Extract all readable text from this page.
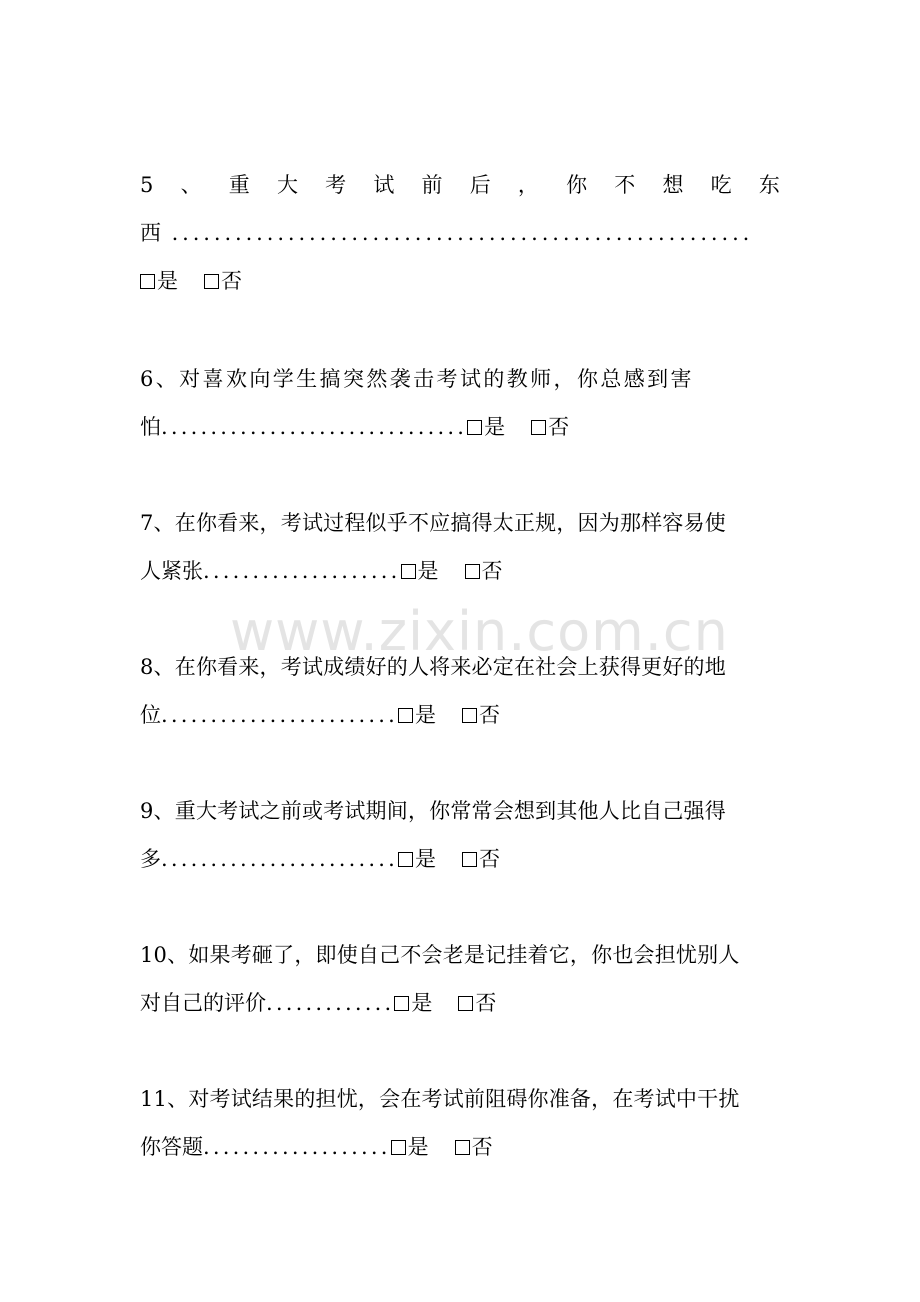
www.zixin.com.cn
5 、 重 大 考 试 前 后 ， 你 不 想 吃 东
西 .......................................................
是 否
6、对喜欢向学生搞突然袭击考试的教师，你总感到害
怕............................... 是 否
7、在你看来，考试过程似乎不应搞得太正规，因为那样容易使
人紧张.................... 是 否
8、在你看来，考试成绩好的人将来必定在社会上获得更好的地
位........................ 是 否
9、重大考试之前或考试期间，你常常会想到其他人比自己强得
多........................ 是 否
10、如果考砸了，即使自己不会老是记挂着它，你也会担忧别人
对自己的评价............. 是 否
11、对考试结果的担忧，会在考试前阻碍你准备，在考试中干扰
你答题................... 是 否
